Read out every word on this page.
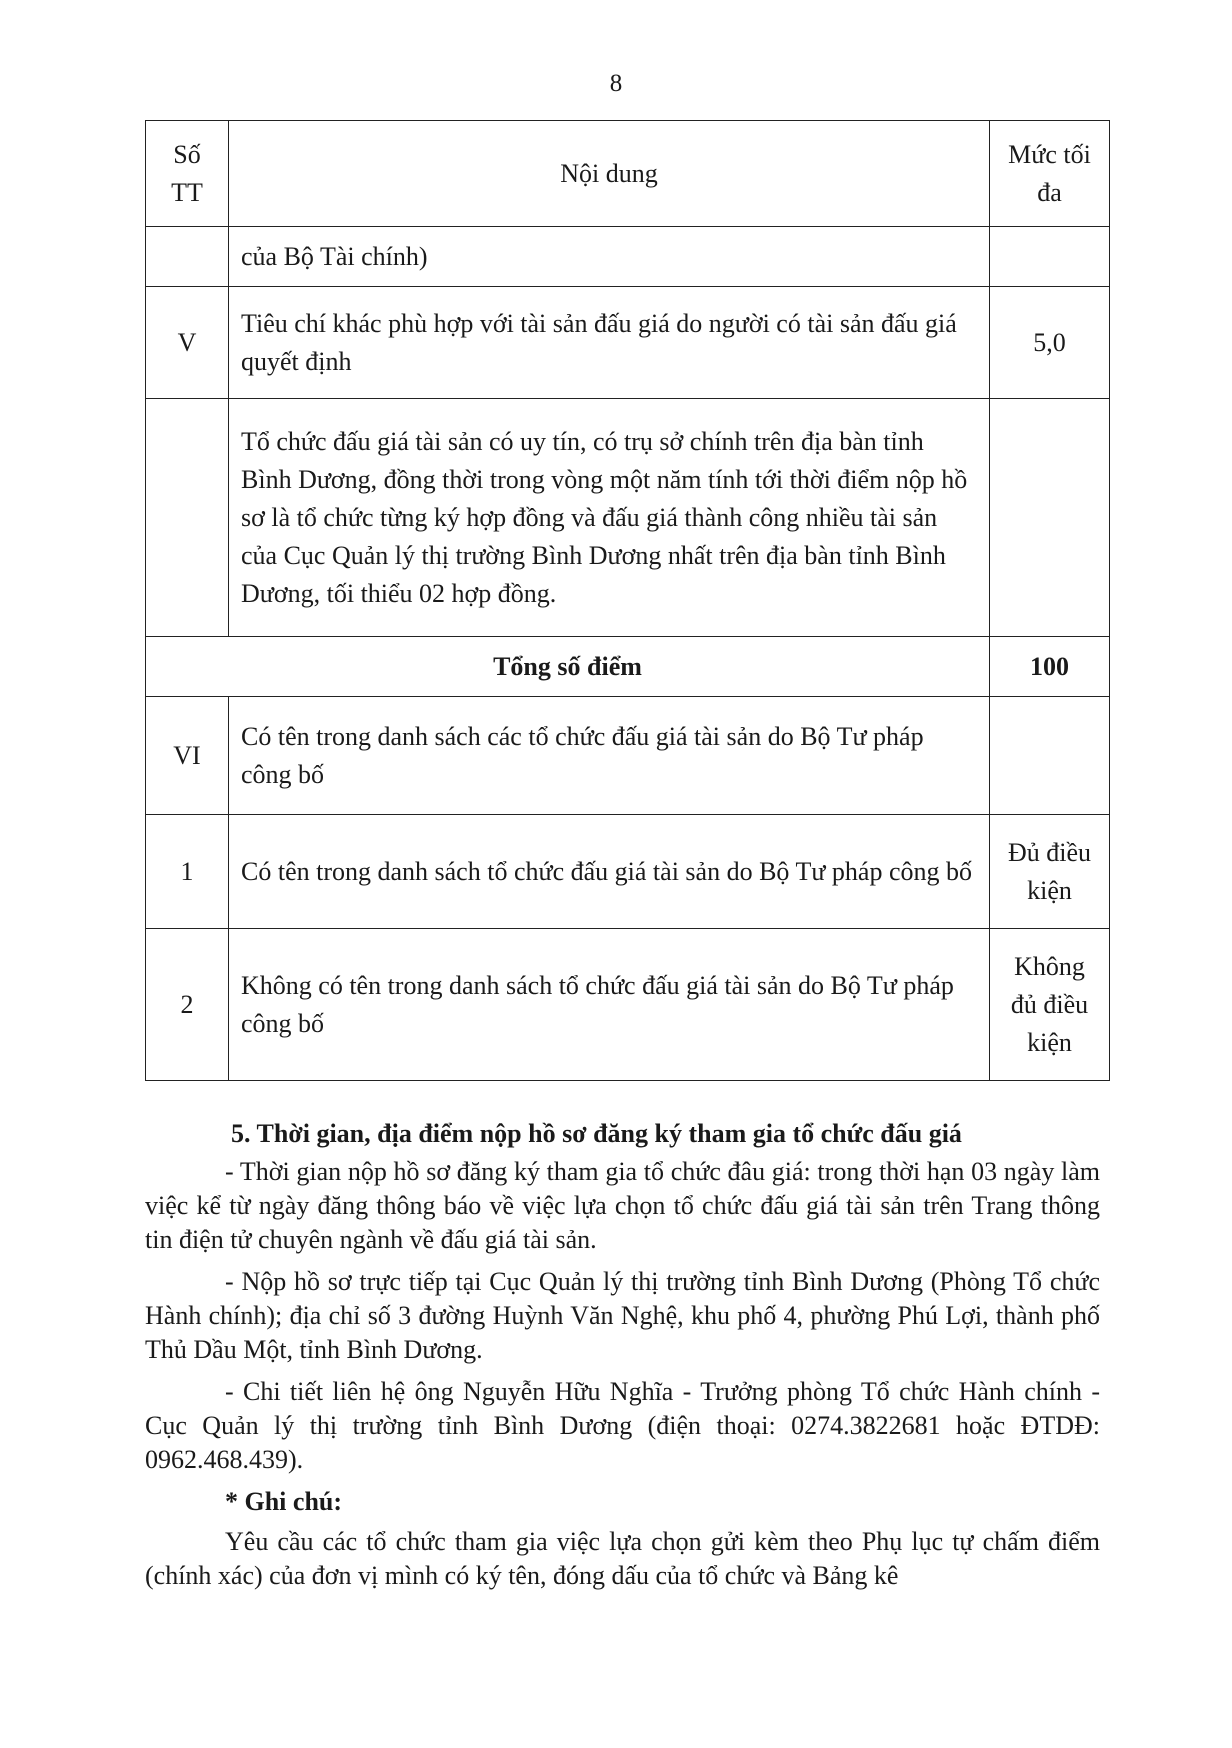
8
Số TT	Nội dung	Mức tối đa
	của Bộ Tài chính)	
V	Tiêu chí khác phù hợp với tài sản đấu giá do người có tài sản đấu giá quyết định	5,0
	Tổ chức đấu giá tài sản có uy tín, có trụ sở chính trên địa bàn tỉnh Bình Dương, đồng thời trong vòng một năm tính tới thời điểm nộp hồ sơ là tổ chức từng ký hợp đồng và đấu giá thành công nhiều tài sản của Cục Quản lý thị trường Bình Dương nhất trên địa bàn tỉnh Bình Dương, tối thiểu 02 hợp đồng.	
Tổng số điểm		100
VI	Có tên trong danh sách các tổ chức đấu giá tài sản do Bộ Tư pháp công bố	
1	Có tên trong danh sách tổ chức đấu giá tài sản do Bộ Tư pháp công bố	Đủ điều kiện
2	Không có tên trong danh sách tổ chức đấu giá tài sản do Bộ Tư pháp công bố	Không đủ điều kiện

5. Thời gian, địa điểm nộp hồ sơ đăng ký tham gia tổ chức đấu giá

- Thời gian nộp hồ sơ đăng ký tham gia tổ chức đâu giá: trong thời hạn 03 ngày làm việc kể từ ngày đăng thông báo về việc lựa chọn tổ chức đấu giá tài sản trên Trang thông tin điện tử chuyên ngành về đấu giá tài sản.

- Nộp hồ sơ trực tiếp tại Cục Quản lý thị trường tỉnh Bình Dương (Phòng Tổ chức Hành chính); địa chỉ số 3 đường Huỳnh Văn Nghệ, khu phố 4, phường Phú Lợi, thành phố Thủ Dầu Một, tỉnh Bình Dương.

- Chi tiết liên hệ ông Nguyễn Hữu Nghĩa - Trưởng phòng Tổ chức Hành chính - Cục Quản lý thị trường tỉnh Bình Dương (điện thoại: 0274.3822681 hoặc ĐTDĐ: 0962.468.439).

* Ghi chú:

Yêu cầu các tổ chức tham gia việc lựa chọn gửi kèm theo Phụ lục tự chấm điểm (chính xác) của đơn vị mình có ký tên, đóng dấu của tổ chức và Bảng kê
